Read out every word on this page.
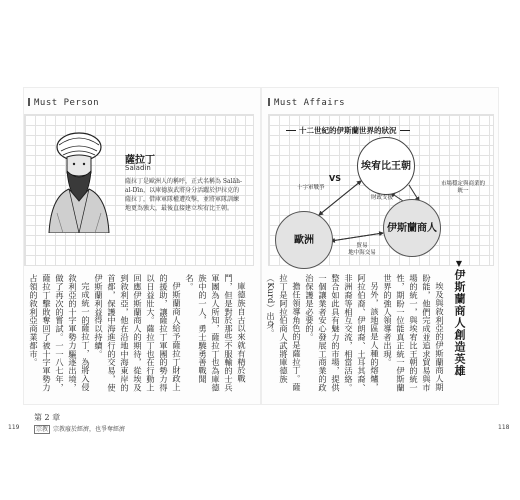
Must Person
薩拉丁
Saladin
薩拉丁是歐洲人的稱呼，正式名稱為 Salāh-al-Dīn，以庫德族武將身分活躍於伊拉克的薩拉丁，借庫軍隊權遭攻擊，並將軍隊訓練地更為強大，最後直接建立埃宥比王朝。

庫德族自古以來就有精於戰鬥，但是對於那些不服輸的士兵軍團為人所知，薩拉丁也為庫德族中的一人，勇士驍勇善戰聞名。

伊斯蘭商人給予薩拉丁財政上的援助，讓薩拉丁軍團的勢力得以日益壯大。薩拉丁也在行動上回應伊斯蘭商人的期待，從埃及到敘利亞，他在沿地中海東岸的首都，保護中海進行的交易，使伊斯蘭利益得以持續。

完成統一的薩拉丁，為將入侵敘利亞的十字軍勢力驅逐出境，做了再次的嘗試。一一八七年，薩拉丁擊敗奪回了被十字軍勢力占領的敘利亞商業都市。

Must Affairs
十二世紀的伊斯蘭世界的狀況
埃宥比王朝
歐洲
伊斯蘭商人
VS
十字軍戰爭
財政支援
市場穩定與商業的統一
貿易
地中海交易
▼伊斯蘭商人創造英雄

埃及與敘利亞的伊斯蘭商人期盼能，他們完成並追求貿易與市場的統一，與埃宥比王朝的統一性，期盼一位能真正統一伊斯蘭世界的強人領導者出現。

另外，該地區是人種的熔爐，阿拉伯裔、伊朗裔、土耳其裔、非洲裔等相互交流，相當活絡。整合如此具有魅力的市場，提供一個讓業者安心發展工商業的政治保護是必要的。

擔任領導角色的是薩拉丁。薩拉丁是阿拉伯商人武將庫德族（Kurd）出身。

第 2 章
119	宗教 宗教廢於經濟，也爭奪經濟	118
